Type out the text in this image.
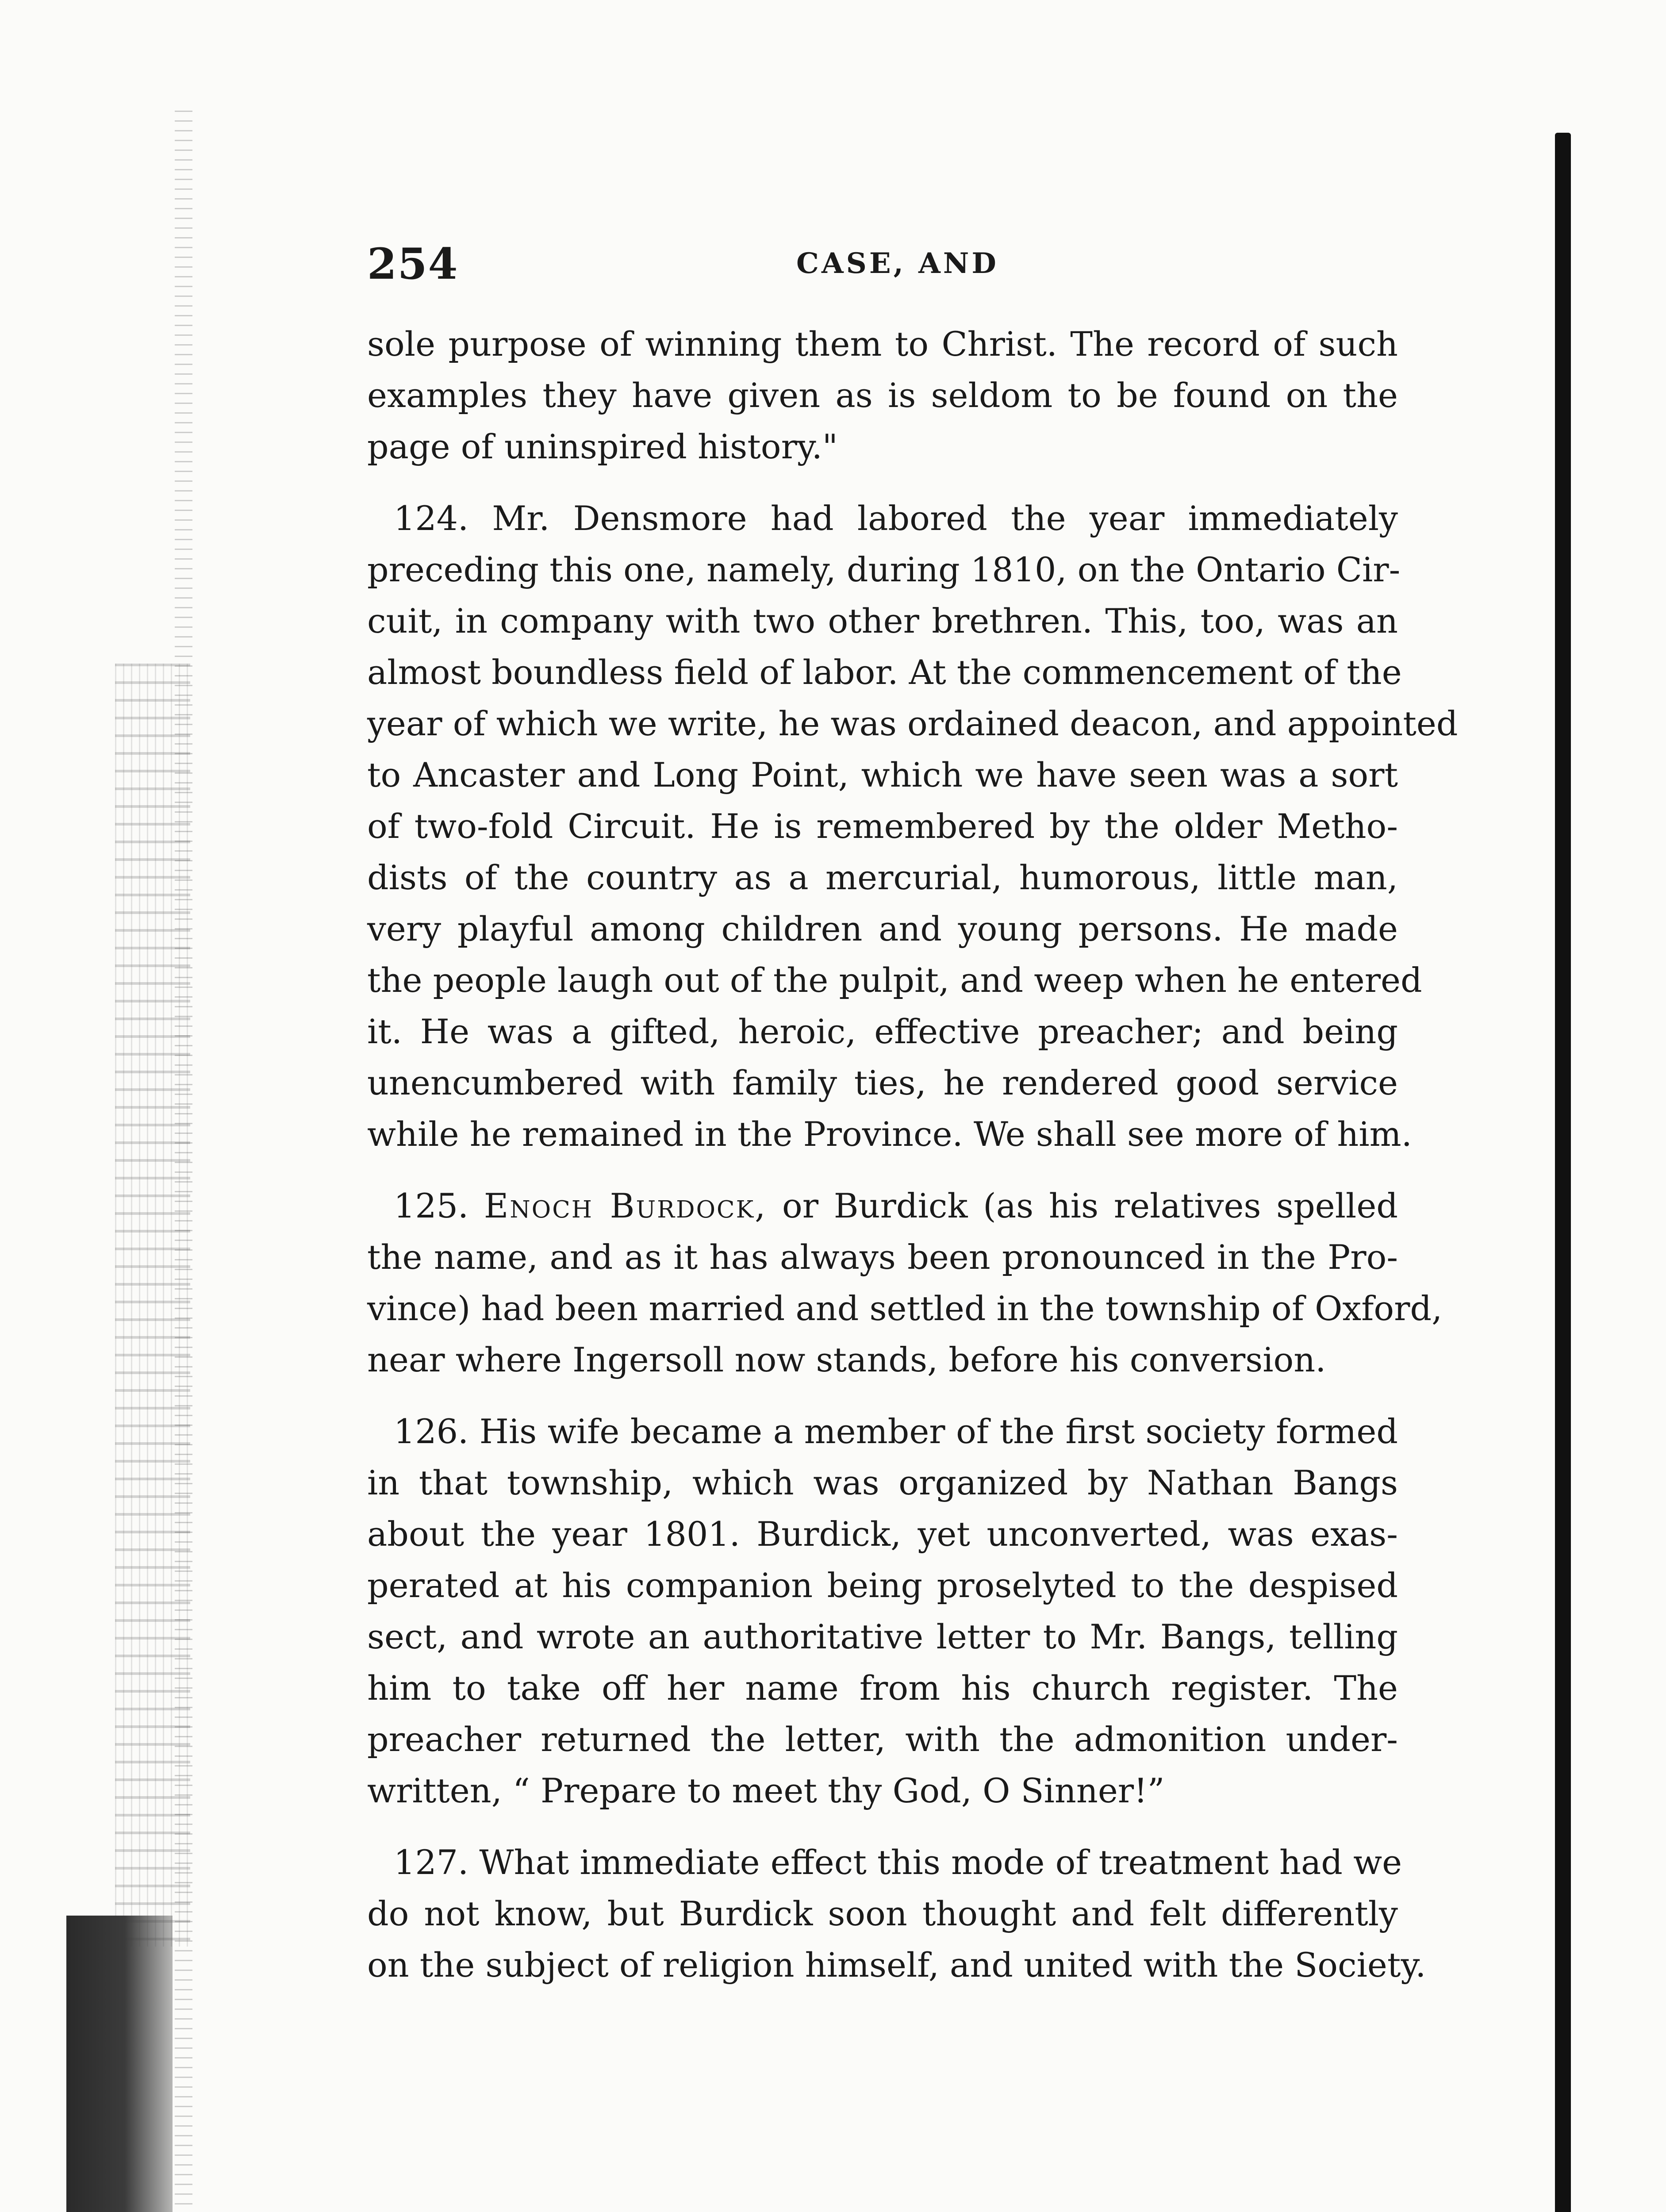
254	CASE, AND
sole purpose of winning them to Christ. The record of such
examples they have given as is seldom to be found on the
page of uninspired history."
124. Mr. Densmore had labored the year immediately
preceding this one, namely, during 1810, on the Ontario Cir-
cuit, in company with two other brethren. This, too, was an
almost boundless field of labor. At the commencement of the
year of which we write, he was ordained deacon, and appointed
to Ancaster and Long Point, which we have seen was a sort
of two-fold Circuit. He is remembered by the older Metho-
dists of the country as a mercurial, humorous, little man,
very playful among children and young persons. He made
the people laugh out of the pulpit, and weep when he entered
it. He was a gifted, heroic, effective preacher; and being
unencumbered with family ties, he rendered good service
while he remained in the Province. We shall see more of him.
125. Enoch Burdock, or Burdick (as his relatives spelled
the name, and as it has always been pronounced in the Pro-
vince) had been married and settled in the township of Oxford,
near where Ingersoll now stands, before his conversion.
126. His wife became a member of the first society formed
in that township, which was organized by Nathan Bangs
about the year 1801. Burdick, yet unconverted, was exas-
perated at his companion being proselyted to the despised
sect, and wrote an authoritative letter to Mr. Bangs, telling
him to take off her name from his church register. The
preacher returned the letter, with the admonition under-
written, “ Prepare to meet thy God, O Sinner!”
127. What immediate effect this mode of treatment had we
do not know, but Burdick soon thought and felt differently
on the subject of religion himself, and united with the Society.
